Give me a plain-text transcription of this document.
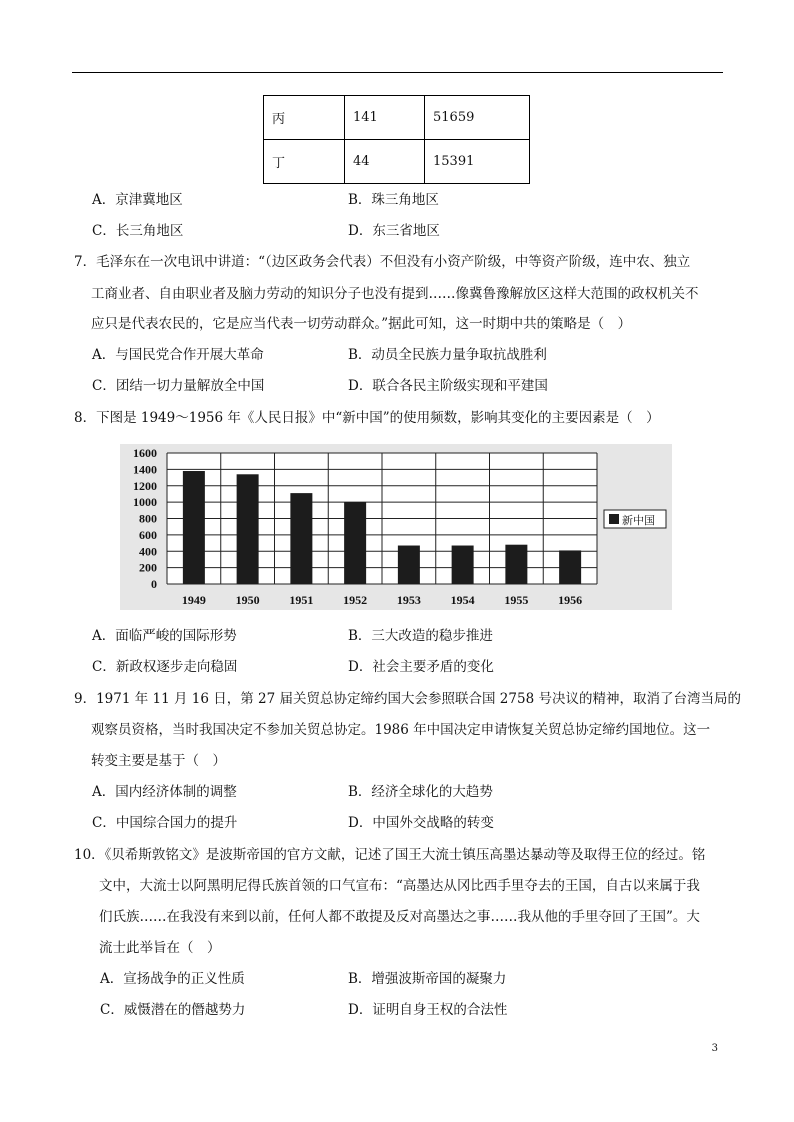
丙	141	51659
丁	44	15391
A．京津冀地区	B．珠三角地区
C．长三角地区	D．东三省地区
7．毛泽东在一次电讯中讲道：“（边区政务会代表）不但没有小资产阶级，中等资产阶级，连中农、独立
工商业者、自由职业者及脑力劳动的知识分子也没有提到……像冀鲁豫解放区这样大范围的政权机关不
应只是代表农民的，它是应当代表一切劳动群众。”据此可知，这一时期中共的策略是（　）
A．与国民党合作开展大革命	B．动员全民族力量争取抗战胜利
C．团结一切力量解放全中国	D．联合各民主阶级实现和平建国
8．下图是 1949～1956 年《人民日报》中“新中国”的使用频数，影响其变化的主要因素是（　）
1600
1400
1200
1000
800
600
400
200
0
1949 1950 1951 1952 1953 1954 1955 1956
新中国
A．面临严峻的国际形势	B．三大改造的稳步推进
C．新政权逐步走向稳固	D．社会主要矛盾的变化
9．1971 年 11 月 16 日，第 27 届关贸总协定缔约国大会参照联合国 2758 号决议的精神，取消了台湾当局的
观察员资格，当时我国决定不参加关贸总协定。1986 年中国决定申请恢复关贸总协定缔约国地位。这一
转变主要是基于（　）
A．国内经济体制的调整	B．经济全球化的大趋势
C．中国综合国力的提升	D．中国外交战略的转变
10．《贝希斯敦铭文》是波斯帝国的官方文献，记述了国王大流士镇压高墨达暴动等及取得王位的经过。铭
文中，大流士以阿黑明尼得氏族首领的口气宣布：“高墨达从冈比西手里夺去的王国，自古以来属于我
们氏族……在我没有来到以前，任何人都不敢提及反对高墨达之事……我从他的手里夺回了王国”。大
流士此举旨在（　）
A．宣扬战争的正义性质	B．增强波斯帝国的凝聚力
C．威慑潜在的僭越势力	D．证明自身王权的合法性
3
